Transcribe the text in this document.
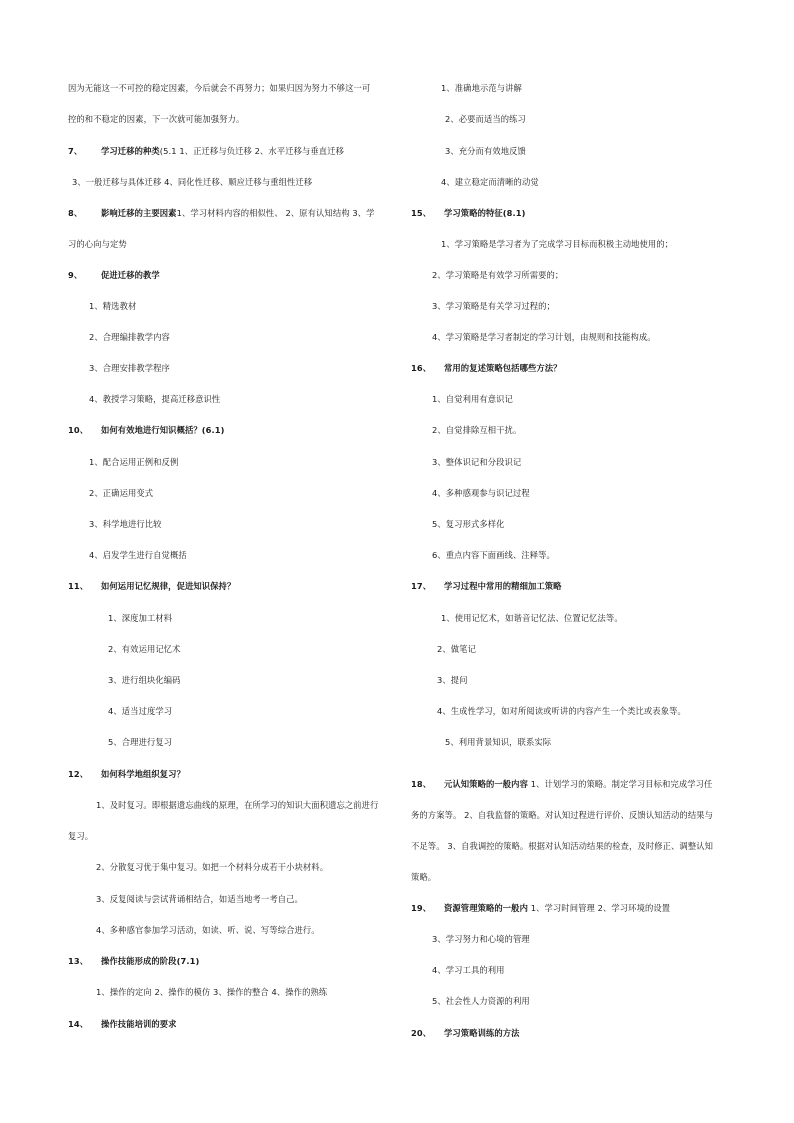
因为无能这一不可控的稳定因素，今后就会不再努力；如果归因为努力不够这一可
控的和不稳定的因素，下一次就可能加强努力。
7、 学习迁移的种类(5.1 1、正迁移与负迁移 2、水平迁移与垂直迁移
3、一般迁移与具体迁移 4、同化性迁移、顺应迁移与重组性迁移
8、 影响迁移的主要因素1、学习材料内容的相似性、 2、原有认知结构 3、学
习的心向与定势
9、 促进迁移的教学
1、精选教材
2、合理编排教学内容
3、合理安排教学程序
4、教授学习策略，提高迁移意识性
10、 如何有效地进行知识概括？(6.1)
1、配合运用正例和反例
2、正确运用变式
3、科学地进行比较
4、启发学生进行自觉概括
11、 如何运用记忆规律，促进知识保持？
1、深度加工材料
2、有效运用记忆术
3、进行组块化编码
4、适当过度学习
5、合理进行复习
12、 如何科学地组织复习？
1、及时复习。即根据遗忘曲线的原理，在所学习的知识大面积遗忘之前进行
复习。
2、分散复习优于集中复习。如把一个材料分成若干小块材料。
3、反复阅读与尝试背诵相结合，如适当地考一考自己。
4、多种感官参加学习活动，如读、听、说、写等综合进行。
13、 操作技能形成的阶段(7.1)
1、操作的定向 2、操作的模仿 3、操作的整合 4、操作的熟练
14、 操作技能培训的要求
1、准确地示范与讲解
2、必要而适当的练习
3、充分而有效地反馈
4、建立稳定而清晰的动觉
15、 学习策略的特征(8.1)
1、学习策略是学习者为了完成学习目标而积极主动地使用的；
2、学习策略是有效学习所需要的；
3、学习策略是有关学习过程的；
4、学习策略是学习者制定的学习计划，由规则和技能构成。
16、 常用的复述策略包括哪些方法？
1、自觉利用有意识记
2、自觉排除互相干扰。
3、整体识记和分段识记
4、多种感观参与识记过程
5、复习形式多样化
6、重点内容下面画线、注释等。
17、 学习过程中常用的精细加工策略
1、使用记忆术，如谐音记忆法、位置记忆法等。
2、做笔记
3、提问
4、生成性学习，如对所阅读或听讲的内容产生一个类比或表象等。
5、利用背景知识，联系实际
18、 元认知策略的一般内容 1、计划学习的策略。制定学习目标和完成学习任
务的方案等。 2、自我监督的策略。对认知过程进行评价、反馈认知活动的结果与
不足等。 3、自我调控的策略。根据对认知活动结果的检查，及时修正、调整认知
策略。
19、 资源管理策略的一般内 1、学习时间管理 2、学习环境的设置
3、学习努力和心境的管理
4、学习工具的利用
5、社会性人力资源的利用
20、 学习策略训练的方法
